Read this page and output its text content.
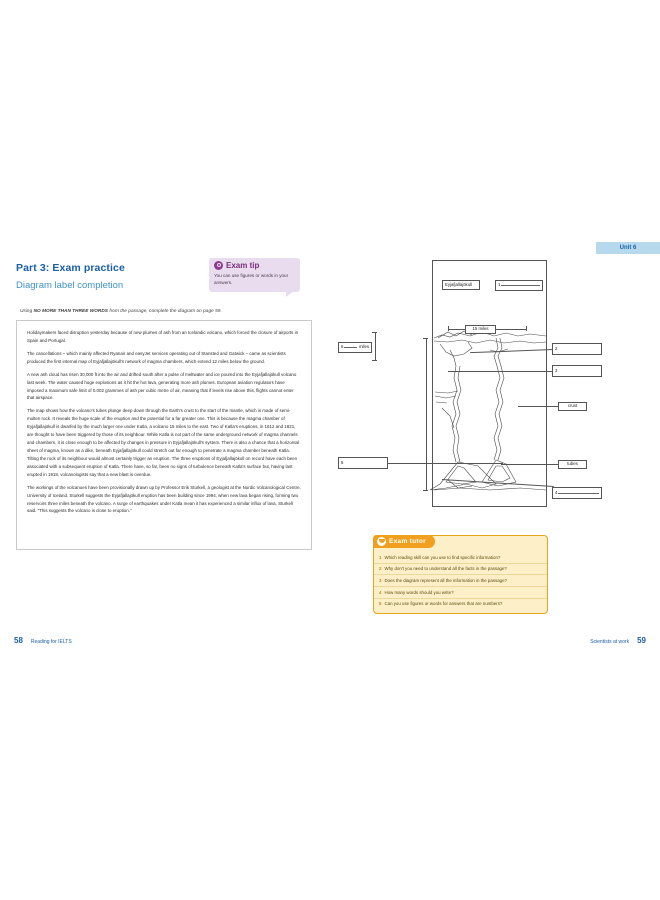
Part 3: Exam practice
Diagram label completion
Exam tip
You can use figures or words in your answers.
Using NO MORE THAN THREE WORDS from the passage, complete the diagram on page 59.

Holidaymakers faced disruption yesterday because of new plumes of ash from an Icelandic volcano, which forced the closure of airports in Spain and Portugal.

The cancellations – which mainly affected Ryanair and easyJet services operating out of Stansted and Gatwick – came as scientists produced the first internal map of Eyjafjallajökull's network of magma chambers, which extend 12 miles below the ground.

A new ash cloud has risen 30,000 ft into the air and drifted south after a pulse of meltwater and ice poured into the Eyjafjallajökull volcano last week. The water caused huge explosions as it hit the hot lava, generating more ash plumes. European aviation regulators have imposed a maximum safe limit of 0.002 grammes of ash per cubic metre of air, meaning that if levels rise above this, flights cannot enter that airspace.

The map shows how the volcano's tubes plunge deep down through the Earth's crust to the start of the mantle, which is made of semi-molten rock. It reveals the huge scale of the eruption and the potential for a far greater one. This is because the magma chamber of Eyjafjallajökull is dwarfed by the much larger one under Katla, a volcano 15 miles to the east. Two of Katla's eruptions, in 1612 and 1821, are thought to have been triggered by those of its neighbour. While Katla is not part of the same underground network of magma channels and chambers, it is close enough to be affected by changes in pressure in Eyjafjallajökull's system. There is also a chance that a horizontal sheet of magma, known as a dike, beneath Eyjafjallajökull could stretch out far enough to penetrate a magma chamber beneath Katla. Tilting the rock of its neighbour would almost certainly trigger an eruption. The three eruptions of Eyjafjallajökull on record have each been associated with a subsequent eruption of Katla. There have, so far, been no signs of turbulence beneath Katla's surface but, having last erupted in 1918, volcanologists say that a new blast is overdue.

The workings of the volcanoes have been provisionally drawn up by Professor Erik Sturkell, a geologist at the Nordic Volcanological Centre, University of Iceland. Sturkell suggests the Eyjafjallajökull eruption has been building since 1994, when new lava began rising, forming two reservoirs three miles beneath the volcano. A surge of earthquakes under Katla mean it has experienced a similar influx of lava, Sturkell said. "This suggests the volcano is close to eruption."

Unit 6
Eyjafjallajökull	1
15 miles
6	miles	2
3
crust
tubes
5
4
Exam tutor
1 Which reading skill can you use to find specific information?
2 Why don't you need to understand all the facts in the passage?
3 Does the diagram represent all the information in the passage?
4 How many words should you write?
5 Can you use figures or words for answers that are numbers?
58 Reading for IELTS	Scientists at work 59
